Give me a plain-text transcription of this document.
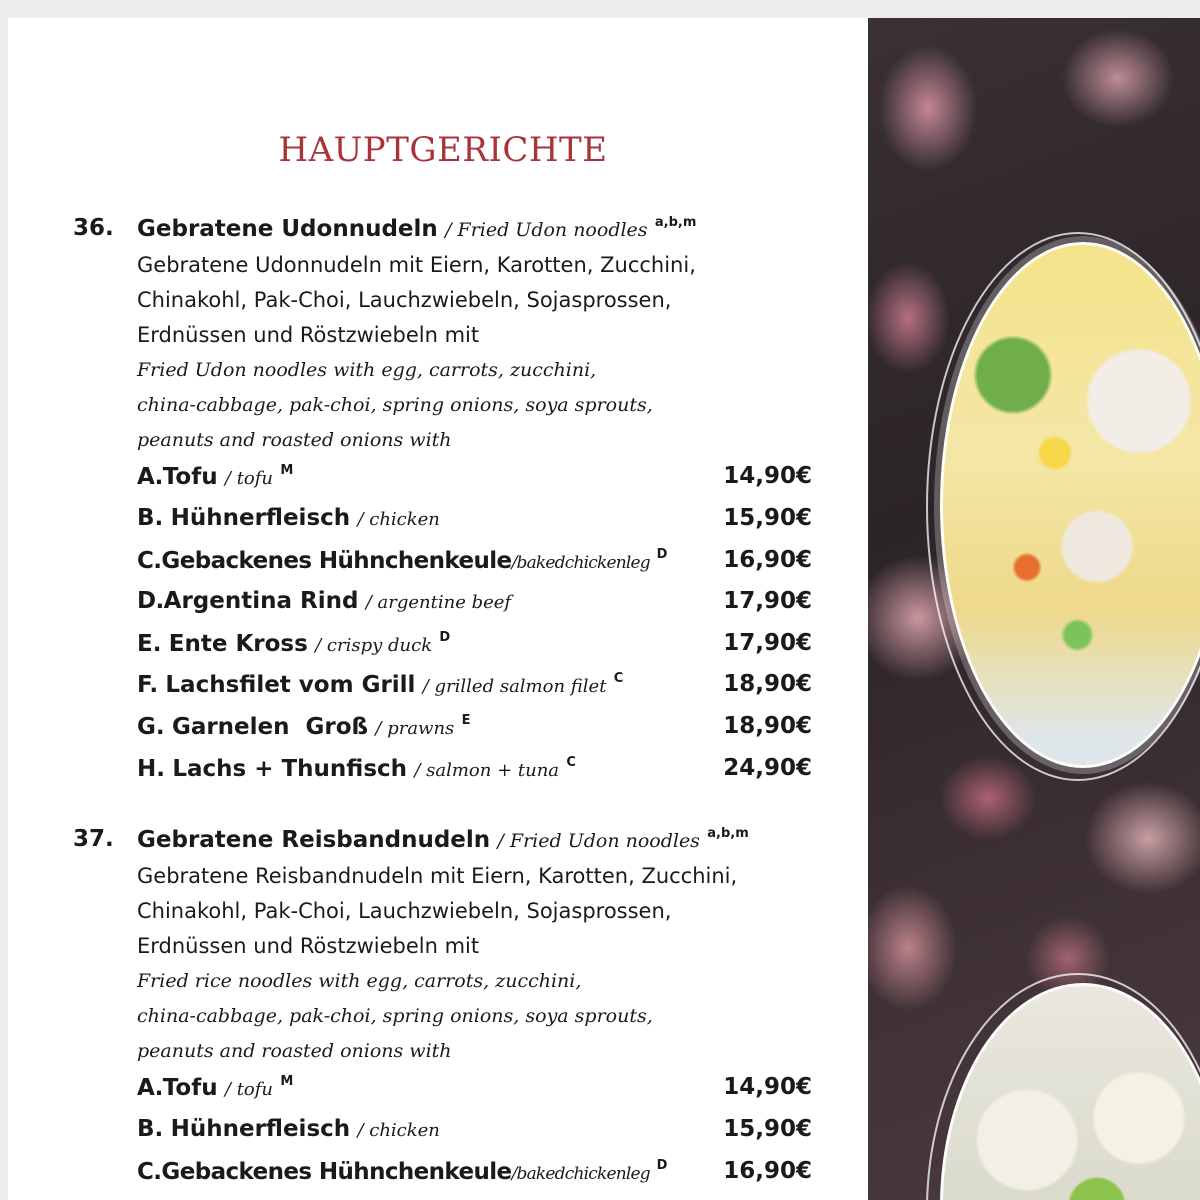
HAUPTGERICHTE
36. Gebratene Udonnudeln / Fried Udon noodles $^{a,b,m}$
Gebratene Udonnudeln mit Eiern, Karotten, Zucchini,
Chinakohl, Pak-Choi, Lauchzwiebeln, Sojasprossen,
Erdnüssen und Röstzwiebeln mit
Fried Udon noodles with egg, carrots, zucchini,
china-cabbage, pak-choi, spring onions, soya sprouts,
peanuts and roasted onions with
A.Tofu / tofu $^M$	14,90€
B. Hühnerfleisch / chicken	15,90€
C.Gebackenes Hühnchenkeule/bakedchickenleg $^D$ 16,90€
D.Argentina Rind / argentine beef	17,90€
E. Ente Kross / crispy duck $^D$	17,90€
F. Lachsfilet vom Grill / grilled salmon filet $^C$	18,90€
G. Garnelen  Groß / prawns $^E$	18,90€
H. Lachs + Thunfisch / salmon + tuna $^C$	24,90€
37. Gebratene Reisbandnudeln / Fried Udon noodles $^{a,b,m}$
Gebratene Reisbandnudeln mit Eiern, Karotten, Zucchini,
Chinakohl, Pak-Choi, Lauchzwiebeln, Sojasprossen,
Erdnüssen und Röstzwiebeln mit
Fried rice noodles with egg, carrots, zucchini,
china-cabbage, pak-choi, spring onions, soya sprouts,
peanuts and roasted onions with
A.Tofu / tofu $^M$	14,90€
B. Hühnerfleisch / chicken	15,90€
C.Gebackenes Hühnchenkeule/bakedchickenleg $^D$ 16,90€
